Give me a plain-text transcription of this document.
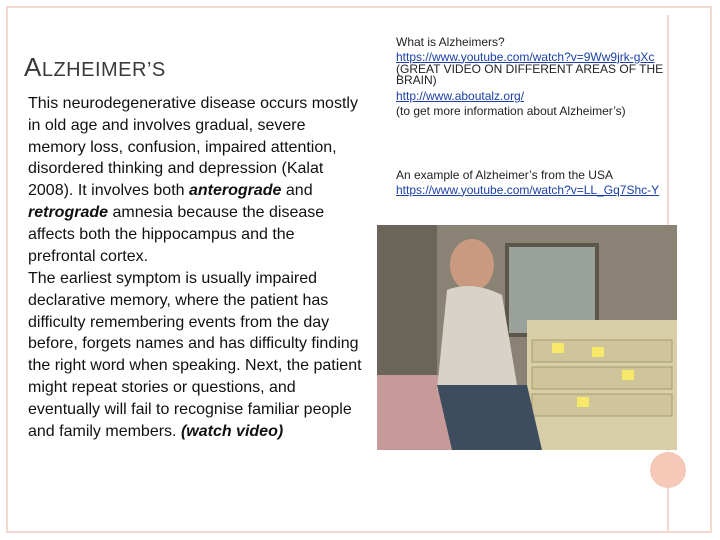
ALZHEIMER’S
This neurodegenerative disease occurs mostly in old age and involves gradual, severe memory loss, confusion, impaired attention, disordered thinking and depression (Kalat 2008). It involves both anterograde and retrograde amnesia because the disease affects both the hippocampus and the prefrontal cortex.
The earliest symptom is usually impaired declarative memory, where the patient has difficulty remembering events from the day before, forgets names and has difficulty finding the right word when speaking. Next, the patient might repeat stories or questions, and eventually will fail to recognise familiar people and family members. (watch video)
What is Alzheimers?
https://www.youtube.com/watch?v=9Ww9jrk-gXc
(GREAT VIDEO ON DIFFERENT AREAS OF THE BRAIN)
http://www.aboutalz.org/
(to get more information about Alzheimer’s)
An example of Alzheimer’s from the USA
https://www.youtube.com/watch?v=LL_Gq7Shc-Y
